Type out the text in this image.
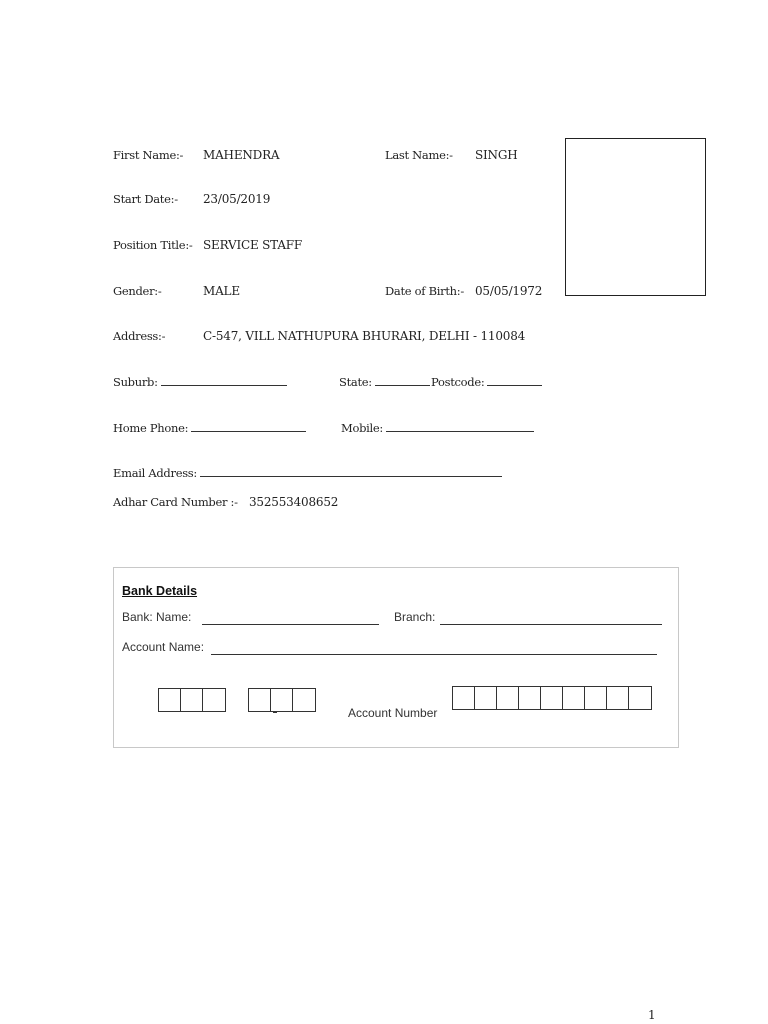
First Name:- MAHENDRA	Last Name:- SINGH
Start Date:- 23/05/2019
Position Title:- SERVICE STAFF
Gender:-	MALE	Date of Birth:- 05/05/1972
Address:-	C-547, VILL NATHUPURA BHURARI, DELHI - 110084
Suburb:	State:	Postcode:
Home Phone:	Mobile:
Email Address:
Adhar Card Number :- 352553408652
Bank Details
Bank: Name:	Branch:
Account Name:
Account Number
1
